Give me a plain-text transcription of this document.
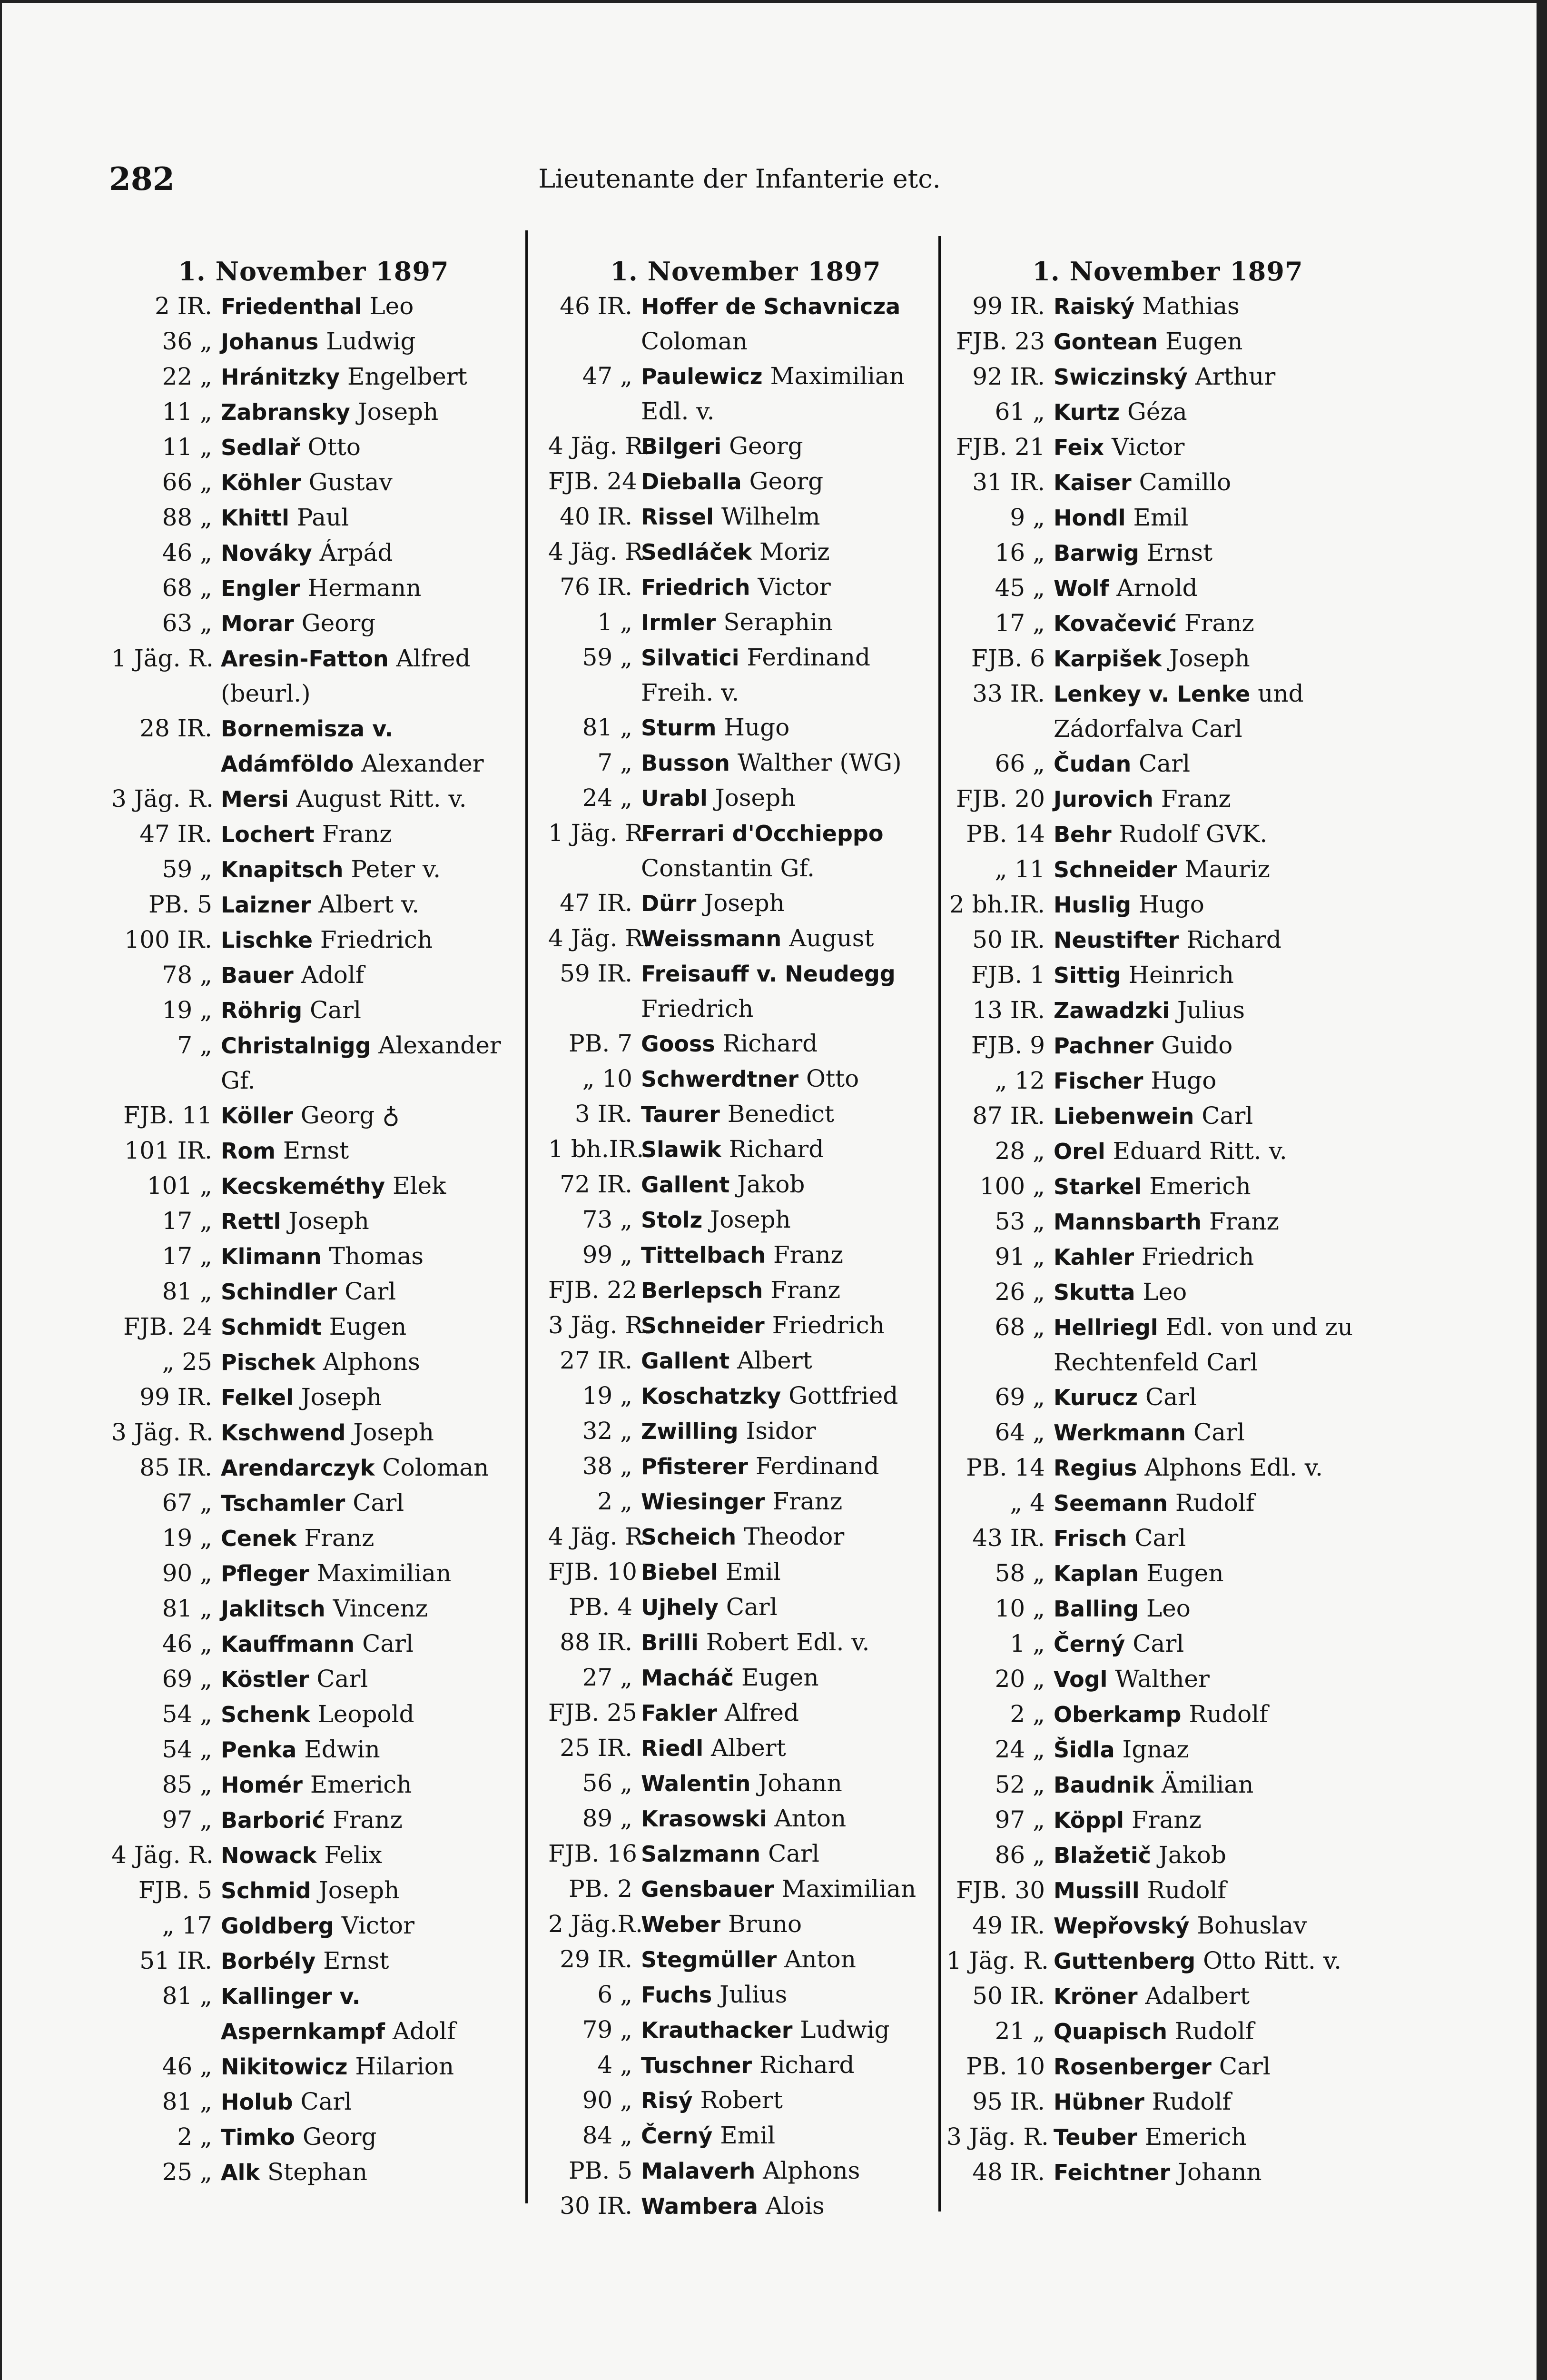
282	Lieutenante der Infanterie etc.
1. November 1897
2 IR. Friedenthal Leo
36 „ Johanus Ludwig
22 „ Hránitzky Engelbert
11 „ Zabransky Joseph
11 „ Sedlař Otto
66 „ Köhler Gustav
88 „ Khittl Paul
46 „ Nováky Árpád
68 „ Engler Hermann
63 „ Morar Georg
1 Jäg. R. Aresin-Fatton Alfred (beurl.)
28 IR. Bornemisza v. Adámföldo Alexander
3 Jäg. R. Mersi August Ritt. v.
47 IR. Lochert Franz
59 „ Knapitsch Peter v.
PB. 5 Laizner Albert v.
100 IR. Lischke Friedrich
78 „ Bauer Adolf
19 „ Röhrig Carl
7 „ Christalnigg Alexander Gf.
FJB. 11 Köller Georg ♁
101 IR. Rom Ernst
101 „ Kecskeméthy Elek
17 „ Rettl Joseph
17 „ Klimann Thomas
81 „ Schindler Carl
FJB. 24 Schmidt Eugen
„ 25 Pischek Alphons
99 IR. Felkel Joseph
3 Jäg. R. Kschwend Joseph
85 IR. Arendarczyk Coloman
67 „ Tschamler Carl
19 „ Cenek Franz
90 „ Pfleger Maximilian
81 „ Jaklitsch Vincenz
46 „ Kauffmann Carl
69 „ Köstler Carl
54 „ Schenk Leopold
54 „ Penka Edwin
85 „ Homér Emerich
97 „ Barborić Franz
4 Jäg. R. Nowack Felix
FJB. 5 Schmid Joseph
„ 17 Goldberg Victor
51 IR. Borbély Ernst
81 „ Kallinger v. Aspernkampf Adolf
46 „ Nikitowicz Hilarion
81 „ Holub Carl
2 „ Timko Georg
25 „ Alk Stephan
1. November 1897
46 IR. Hoffer de Schavnicza Coloman
47 „ Paulewicz Maximilian Edl. v.
4 Jäg. R.
Bilgeri Georg
FJB. 24 Dieballa Georg
40 IR. Rissel Wilhelm
4 Jäg. R.
Sedláček Moriz
76 IR. Friedrich Victor
1 „ Irmler Seraphin
59 „ Silvatici Ferdinand Freih. v.
81 „ Sturm Hugo
7 „ Busson Walther (WG)
24 „ Urabl Joseph
1 Jäg. R.
Ferrari d'Occhieppo Constantin Gf.
47 IR. Dürr Joseph
4 Jäg. R.
Weissmann August
59 IR. Freisauff v. Neudegg Friedrich
PB. 7 Gooss Richard
„ 10 Schwerdtner Otto
3 IR. Taurer Benedict
1 bh.IR.
Slawik Richard
72 IR. Gallent Jakob
73 „ Stolz Joseph
99 „ Tittelbach Franz
FJB. 22 Berlepsch Franz
3 Jäg. R.
Schneider Friedrich
27 IR. Gallent Albert
19 „ Koschatzky Gottfried
32 „ Zwilling Isidor
38 „ Pfisterer Ferdinand
2 „ Wiesinger Franz
4 Jäg. R.
Scheich Theodor
FJB. 10 Biebel Emil
PB. 4 Ujhely Carl
88 IR. Brilli Robert Edl. v.
27 „ Macháč Eugen
FJB. 25 Fakler Alfred
25 IR. Riedl Albert
56 „ Walentin Johann
89 „ Krasowski Anton
FJB. 16 Salzmann Carl
PB. 2 Gensbauer Maximilian
2 Jäg.R.
Weber Bruno
29 IR. Stegmüller Anton
6 „ Fuchs Julius
79 „ Krauthacker Ludwig
4 „ Tuschner Richard
90 „ Risý Robert
84 „ Černý Emil
PB. 5 Malaverh Alphons
30 IR. Wambera Alois
1. November 1897
99 IR. Raiský Mathias
FJB. 23 Gontean Eugen
92 IR. Swiczinský Arthur
61 „ Kurtz Géza
FJB. 21 Feix Victor
31 IR. Kaiser Camillo
9 „ Hondl Emil
16 „ Barwig Ernst
45 „ Wolf Arnold
17 „ Kovačević Franz
FJB. 6 Karpišek Joseph
33 IR. Lenkey v. Lenke und Zádorfalva Carl
66 „ Čudan Carl
FJB. 20 Jurovich Franz
PB. 14 Behr Rudolf GVK.
„ 11 Schneider Mauriz
2 bh.IR. Huslig Hugo
50 IR. Neustifter Richard
FJB. 1 Sittig Heinrich
13 IR. Zawadzki Julius
FJB. 9 Pachner Guido
„ 12 Fischer Hugo
87 IR. Liebenwein Carl
28 „ Orel Eduard Ritt. v.
100 „ Starkel Emerich
53 „ Mannsbarth Franz
91 „ Kahler Friedrich
26 „ Skutta Leo
68 „ Hellriegl Edl. von und zu Rechtenfeld Carl
69 „ Kurucz Carl
64 „ Werkmann Carl
PB. 14 Regius Alphons Edl. v.
„ 4 Seemann Rudolf
43 IR. Frisch Carl
58 „ Kaplan Eugen
10 „ Balling Leo
1 „ Černý Carl
20 „ Vogl Walther
2 „ Oberkamp Rudolf
24 „ Šidla Ignaz
52 „ Baudnik Ämilian
97 „ Köppl Franz
86 „ Blažetič Jakob
FJB. 30 Mussill Rudolf
49 IR. Wepřovský Bohuslav
1 Jäg. R. Guttenberg Otto Ritt. v.
50 IR. Kröner Adalbert
21 „ Quapisch Rudolf
PB. 10 Rosenberger Carl
95 IR. Hübner Rudolf
3 Jäg. R. Teuber Emerich
48 IR. Feichtner Johann
